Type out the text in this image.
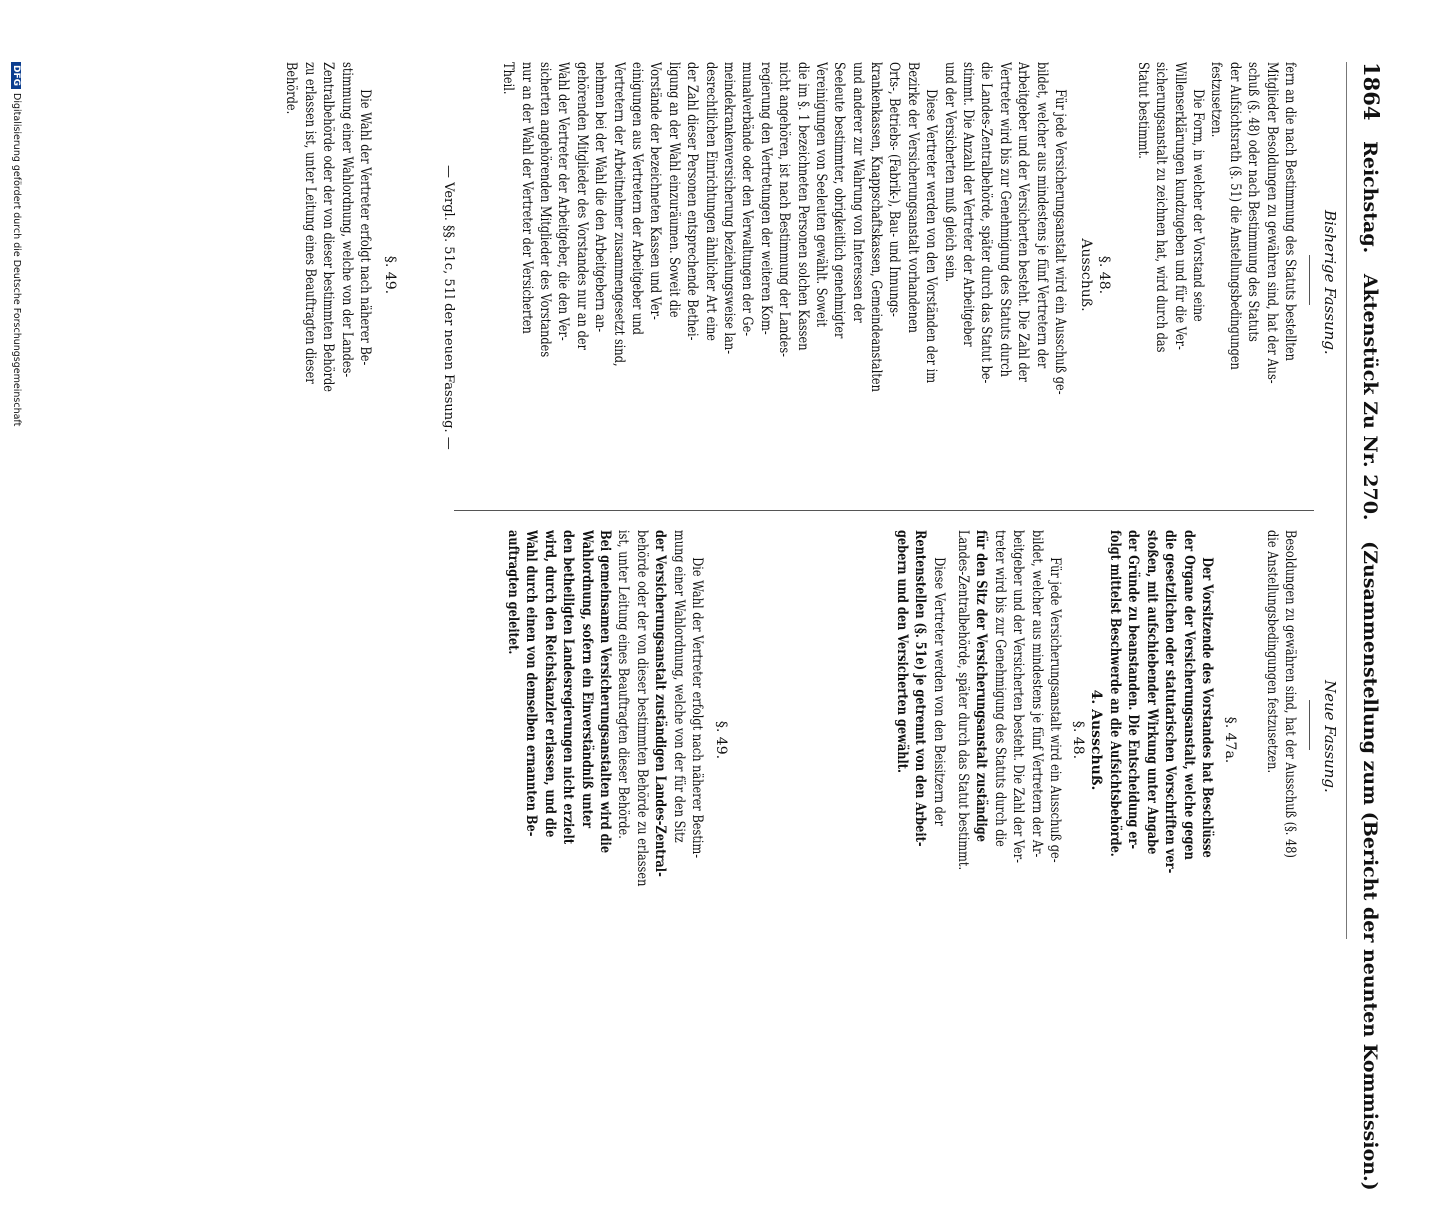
1864 Reichstag. Aktenstück Zu Nr. 270. (Zusammenstellung zum (Bericht der neunten Kommission.)
Bisherige Fassung.
fern an die nach Bestimmung des Statuts bestellten
Mitglieder Besoldungen zu gewähren sind, hat der Aus-
schuß (§. 48) oder nach Bestimmung des Statuts
der Aufsichtsrath (§. 51) die Anstellungsbedingungen
festzusetzen.
Die Form, in welcher der Vorstand seine
Willenserklärungen kundzugeben und für die Ver-
sicherungsanstalt zu zeichnen hat, wird durch das
Statut bestimmt.
§. 48.
Ausschuß.
Für jede Versicherungsanstalt wird ein Ausschuß ge-
bildet, welcher aus mindestens je fünf Vertretern der
Arbeitgeber und der Versicherten besteht. Die Zahl der
Vertreter wird bis zur Genehmigung des Statuts durch
die Landes-Zentralbehörde, später durch das Statut be-
stimmt. Die Anzahl der Vertreter der Arbeitgeber
und der Versicherten muß gleich sein.
Diese Vertreter werden von den Vorständen der im
Bezirke der Versicherungsanstalt vorhandenen
Orts-, Betriebs- (Fabrik-), Bau- und Innungs-
krankenkassen, Knappschaftskassen, Gemeindeanstalten
und anderer zur Wahrung von Interessen der
Seeleute bestimmter, obrigkeitlich genehmigter
Vereinigungen von Seeleuten gewählt. Soweit
die im §. 1 bezeichneten Personen solchen Kassen
nicht angehören, ist nach Bestimmung der Landes-
regierung den Vertretungen der weiteren Kom-
munalverbände oder den Verwaltungen der Ge-
meindekrankenversicherung beziehungsweise lan-
desrechtlichen Einrichtungen ähnlicher Art eine
der Zahl dieser Personen entsprechende Bethei-
ligung an der Wahl einzuräumen. Soweit die
Vorstände der bezeichneten Kassen und Ver-
einigungen aus Vertretern der Arbeitgeber und
Vertretern der Arbeitnehmer zusammengesetzt sind,
nehmen bei der Wahl die den Arbeitgebern an-
gehörenden Mitglieder des Vorstandes nur an der
Wahl der Vertreter der Arbeitgeber, die den Ver-
sicherten angehörenden Mitglieder des Vorstandes
nur an der Wahl der Vertreter der Versicherten
Theil.
— Vergl. §§. 51c, 51l der neuen Fassung. —
§. 49.
Die Wahl der Vertreter erfolgt nach näherer Be-
stimmung einer Wahlordnung, welche von der Landes-
Zentralbehörde oder der von dieser bestimmten Behörde
zu erlassen ist, unter Leitung eines Beauftragten dieser
Behörde.
Neue Fassung.
Besoldungen zu gewähren sind, hat der Ausschuß (§. 48)
die Anstellungsbedingungen festzusetzen.
§. 47a.
Der Vorsitzende des Vorstandes hat Beschlüsse
der Organe der Versicherungsanstalt, welche gegen
die gesetzlichen oder statutarischen Vorschriften ver-
stoßen, mit aufschiebender Wirkung unter Angabe
der Gründe zu beanstanden. Die Entscheidung er-
folgt mittelst Beschwerde an die Aufsichtsbehörde.
4. Ausschuß.
§. 48.
Für jede Versicherungsanstalt wird ein Ausschuß ge-
bildet, welcher aus mindestens je fünf Vertretern der Ar-
beitgeber und der Versicherten besteht. Die Zahl der Ver-
treter wird bis zur Genehmigung des Statuts durch die
für den Sitz der Versicherungsanstalt zuständige
Landes-Zentralbehörde, später durch das Statut bestimmt.
Diese Vertreter werden von den Beisitzern der
Rentenstellen (§. 51e) je getrennt von den Arbeit-
gebern und den Versicherten gewählt.
§. 49.
Die Wahl der Vertreter erfolgt nach näherer Bestim-
mung einer Wahlordnung, welche von der für den Sitz
der Versicherungsanstalt zuständigen Landes-Zentral-
behörde oder der von dieser bestimmten Behörde zu erlassen
ist, unter Leitung eines Beauftragten dieser Behörde.
Bei gemeinsamen Versicherungsanstalten wird die
Wahlordnung, sofern ein Einverständniß unter
den betheiligten Landesregierungen nicht erzielt
wird, durch den Reichskanzler erlassen, und die
Wahl durch einen von demselben ernannten Be-
auftragten geleitet.
DFGDigitalisierung gefördert durch die Deutsche Forschungsgemeinschaft
